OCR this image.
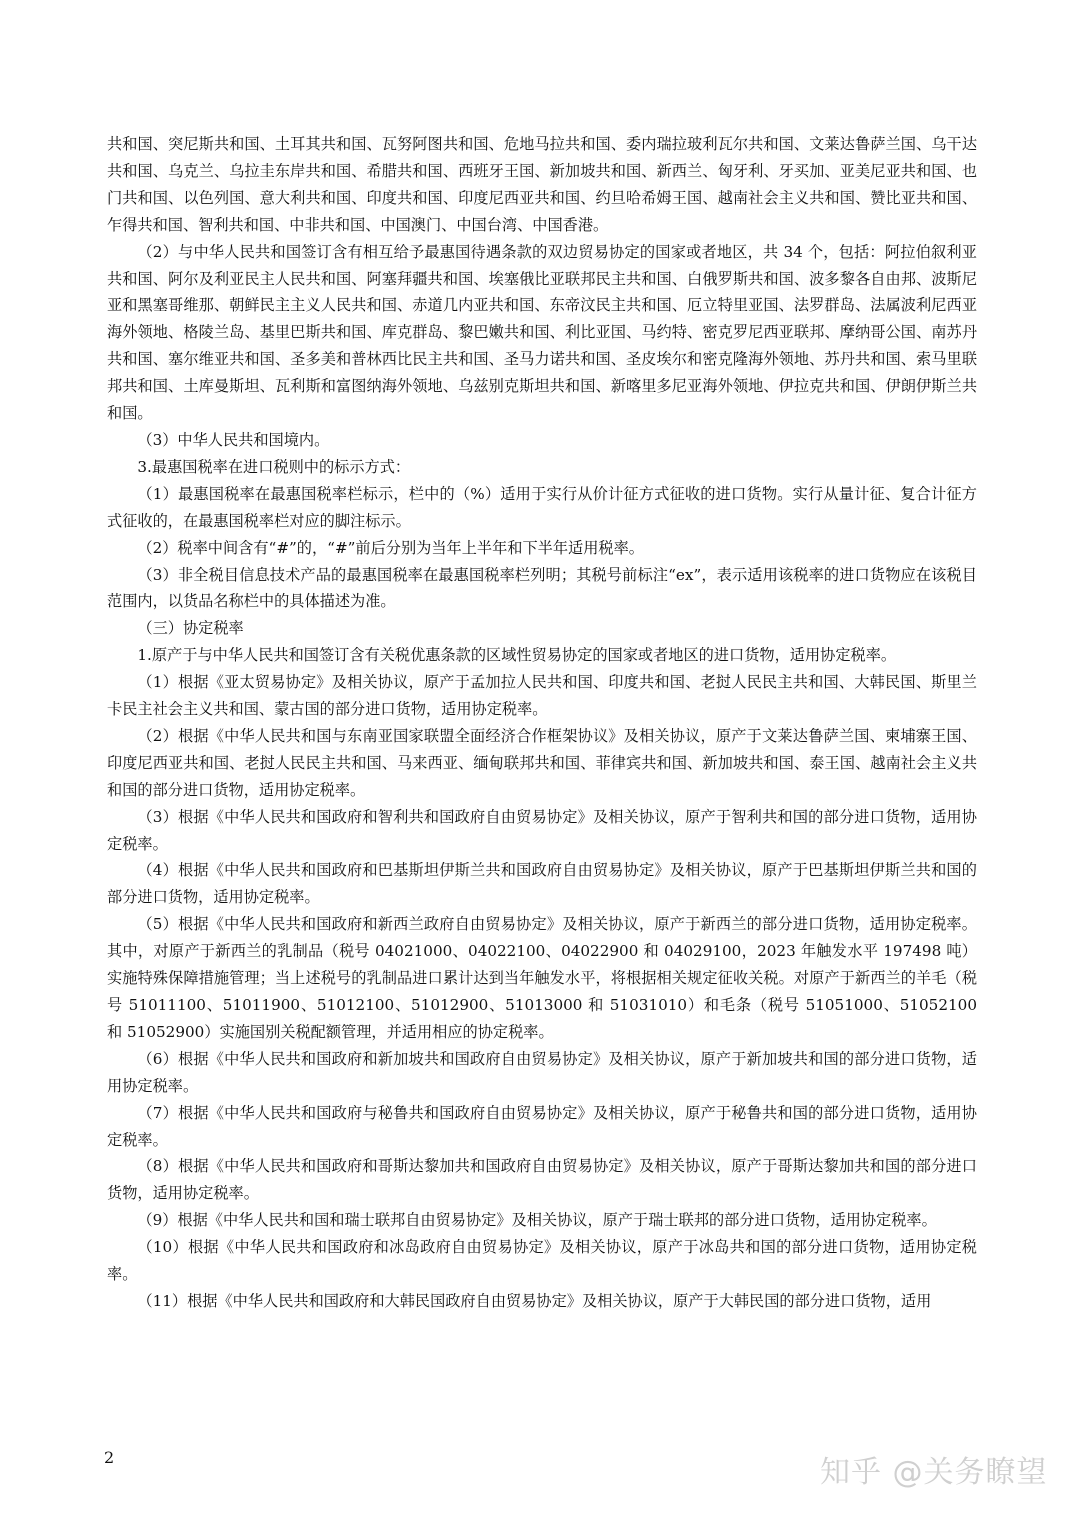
共和国、突尼斯共和国、土耳其共和国、瓦努阿图共和国、危地马拉共和国、委内瑞拉玻利瓦尔共和国、文莱达鲁萨兰国、乌干达共和国、乌克兰、乌拉圭东岸共和国、希腊共和国、西班牙王国、新加坡共和国、新西兰、匈牙利、牙买加、亚美尼亚共和国、也门共和国、以色列国、意大利共和国、印度共和国、印度尼西亚共和国、约旦哈希姆王国、越南社会主义共和国、赞比亚共和国、乍得共和国、智利共和国、中非共和国、中国澳门、中国台湾、中国香港。

（2）与中华人民共和国签订含有相互给予最惠国待遇条款的双边贸易协定的国家或者地区，共 34 个，包括：阿拉伯叙利亚共和国、阿尔及利亚民主人民共和国、阿塞拜疆共和国、埃塞俄比亚联邦民主共和国、白俄罗斯共和国、波多黎各自由邦、波斯尼亚和黑塞哥维那、朝鲜民主主义人民共和国、赤道几内亚共和国、东帝汶民主共和国、厄立特里亚国、法罗群岛、法属波利尼西亚海外领地、格陵兰岛、基里巴斯共和国、库克群岛、黎巴嫩共和国、利比亚国、马约特、密克罗尼西亚联邦、摩纳哥公国、南苏丹共和国、塞尔维亚共和国、圣多美和普林西比民主共和国、圣马力诺共和国、圣皮埃尔和密克隆海外领地、苏丹共和国、索马里联邦共和国、土库曼斯坦、瓦利斯和富图纳海外领地、乌兹别克斯坦共和国、新喀里多尼亚海外领地、伊拉克共和国、伊朗伊斯兰共和国。

（3）中华人民共和国境内。

3.最惠国税率在进口税则中的标示方式：

（1）最惠国税率在最惠国税率栏标示，栏中的（%）适用于实行从价计征方式征收的进口货物。实行从量计征、复合计征方式征收的，在最惠国税率栏对应的脚注标示。

（2）税率中间含有“#”的，“#”前后分别为当年上半年和下半年适用税率。

（3）非全税目信息技术产品的最惠国税率在最惠国税率栏列明；其税号前标注“ex”，表示适用该税率的进口货物应在该税目范围内，以货品名称栏中的具体描述为准。

（三）协定税率

1.原产于与中华人民共和国签订含有关税优惠条款的区域性贸易协定的国家或者地区的进口货物，适用协定税率。

（1）根据《亚太贸易协定》及相关协议，原产于孟加拉人民共和国、印度共和国、老挝人民民主共和国、大韩民国、斯里兰卡民主社会主义共和国、蒙古国的部分进口货物，适用协定税率。

（2）根据《中华人民共和国与东南亚国家联盟全面经济合作框架协议》及相关协议，原产于文莱达鲁萨兰国、柬埔寨王国、印度尼西亚共和国、老挝人民民主共和国、马来西亚、缅甸联邦共和国、菲律宾共和国、新加坡共和国、泰王国、越南社会主义共和国的部分进口货物，适用协定税率。

（3）根据《中华人民共和国政府和智利共和国政府自由贸易协定》及相关协议，原产于智利共和国的部分进口货物，适用协定税率。

（4）根据《中华人民共和国政府和巴基斯坦伊斯兰共和国政府自由贸易协定》及相关协议，原产于巴基斯坦伊斯兰共和国的部分进口货物，适用协定税率。

（5）根据《中华人民共和国政府和新西兰政府自由贸易协定》及相关协议，原产于新西兰的部分进口货物，适用协定税率。其中，对原产于新西兰的乳制品（税号 04021000、04022100、04022900 和 04029100，2023 年触发水平 197498 吨）实施特殊保障措施管理；当上述税号的乳制品进口累计达到当年触发水平，将根据相关规定征收关税。对原产于新西兰的羊毛（税号 51011100、51011900、51012100、51012900、51013000 和 51031010）和毛条（税号 51051000、51052100 和 51052900）实施国别关税配额管理，并适用相应的协定税率。

（6）根据《中华人民共和国政府和新加坡共和国政府自由贸易协定》及相关协议，原产于新加坡共和国的部分进口货物，适用协定税率。

（7）根据《中华人民共和国政府与秘鲁共和国政府自由贸易协定》及相关协议，原产于秘鲁共和国的部分进口货物，适用协定税率。

（8）根据《中华人民共和国政府和哥斯达黎加共和国政府自由贸易协定》及相关协议，原产于哥斯达黎加共和国的部分进口货物，适用协定税率。

（9）根据《中华人民共和国和瑞士联邦自由贸易协定》及相关协议，原产于瑞士联邦的部分进口货物，适用协定税率。

（10）根据《中华人民共和国政府和冰岛政府自由贸易协定》及相关协议，原产于冰岛共和国的部分进口货物，适用协定税率。

（11）根据《中华人民共和国政府和大韩民国政府自由贸易协定》及相关协议，原产于大韩民国的部分进口货物，适用

2	知乎 @关务瞭望
